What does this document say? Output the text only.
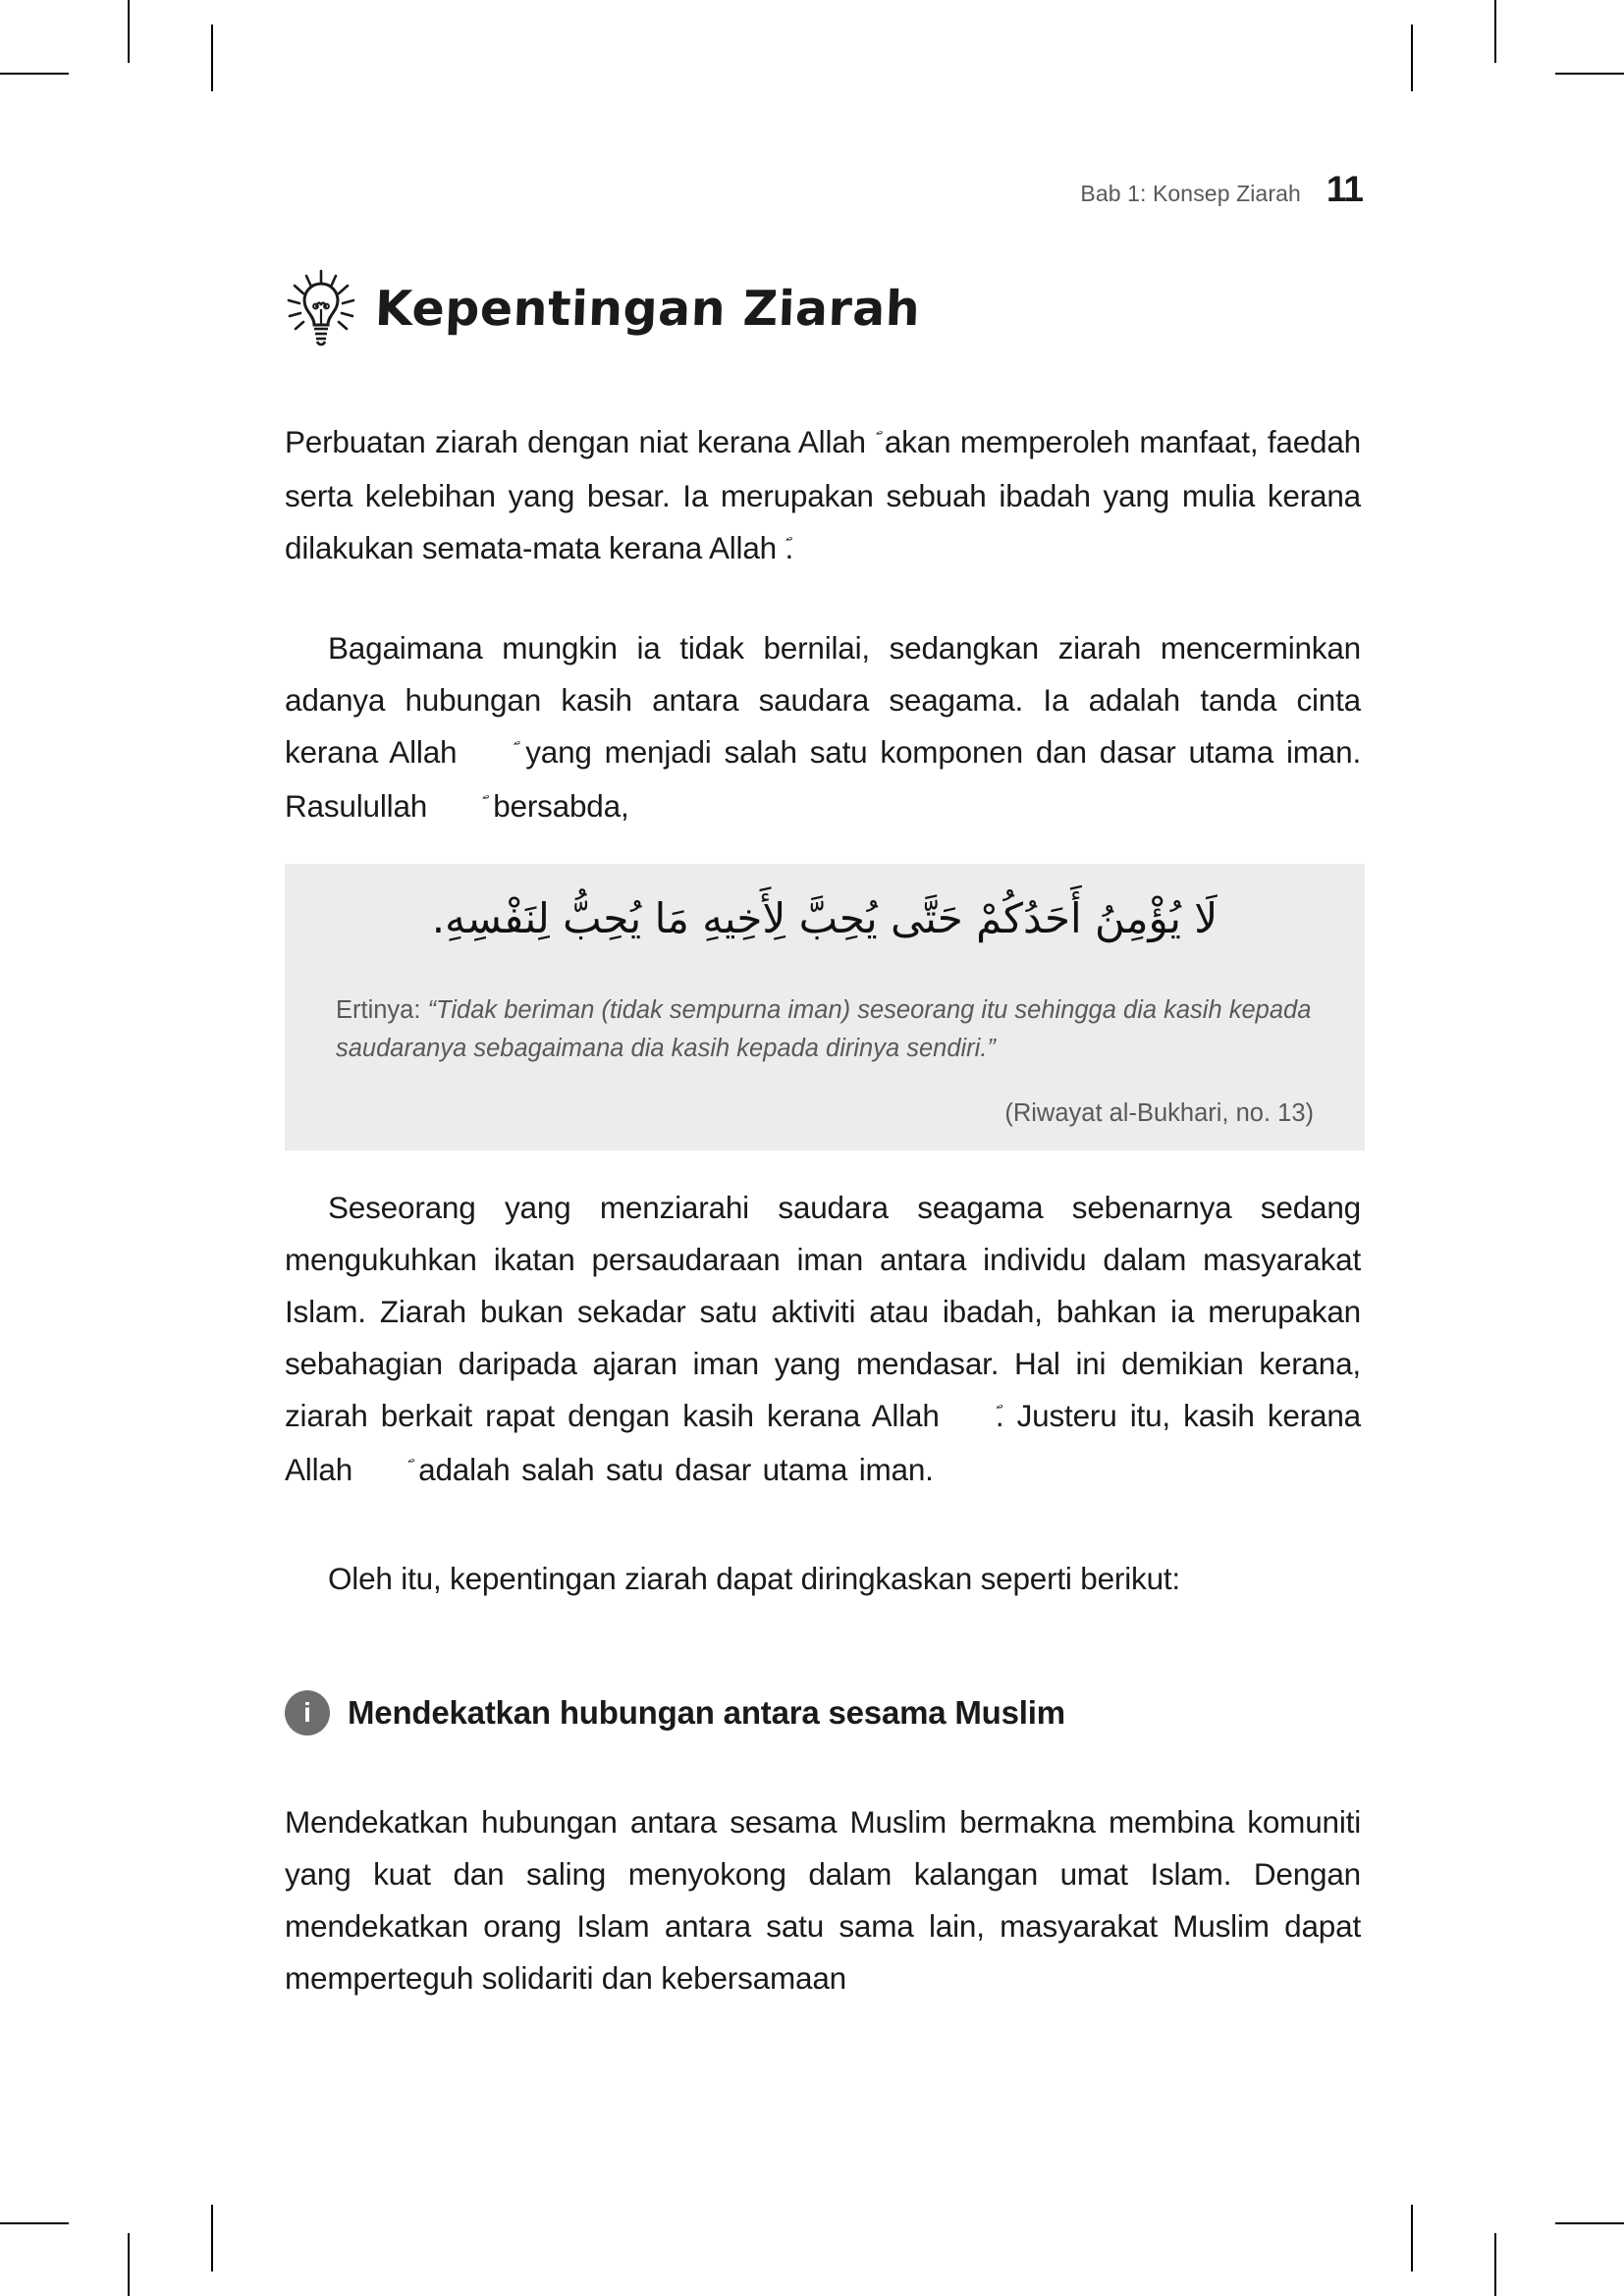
Bab 1: Konsep Ziarah 11
Kepentingan Ziarah

Perbuatan ziarah dengan niat kerana Allah  akan memperoleh manfaat, faedah serta kelebihan yang besar. Ia merupakan sebuah ibadah yang mulia kerana dilakukan semata-mata kerana Allah .

Bagaimana mungkin ia tidak bernilai, sedangkan ziarah mencerminkan adanya hubungan kasih antara saudara seagama. Ia adalah tanda cinta kerana Allah  yang menjadi salah satu komponen dan dasar utama iman. Rasulullah  bersabda,

لَا يُؤْمِنُ أَحَدُكُمْ حَتَّى يُحِبَّ لِأَخِيهِ مَا يُحِبُّ لِنَفْسِهِ.
Ertinya: “Tidak beriman (tidak sempurna iman) seseorang itu sehingga dia kasih kepada saudaranya sebagaimana dia kasih kepada dirinya sendiri.”
(Riwayat al-Bukhari, no. 13)

Seseorang yang menziarahi saudara seagama sebenarnya sedang mengukuhkan ikatan persaudaraan iman antara individu dalam masyarakat Islam. Ziarah bukan sekadar satu aktiviti atau ibadah, bahkan ia merupakan sebahagian daripada ajaran iman yang mendasar. Hal ini demikian kerana, ziarah berkait rapat dengan kasih kerana Allah . Justeru itu, kasih kerana Allah  adalah salah satu dasar utama iman.

Oleh itu, kepentingan ziarah dapat diringkaskan seperti berikut:

i	Mendekatkan hubungan antara sesama Muslim

Mendekatkan hubungan antara sesama Muslim bermakna membina komuniti yang kuat dan saling menyokong dalam kalangan umat Islam. Dengan mendekatkan orang Islam antara satu sama lain, masyarakat Muslim dapat memperteguh solidariti dan kebersamaan
